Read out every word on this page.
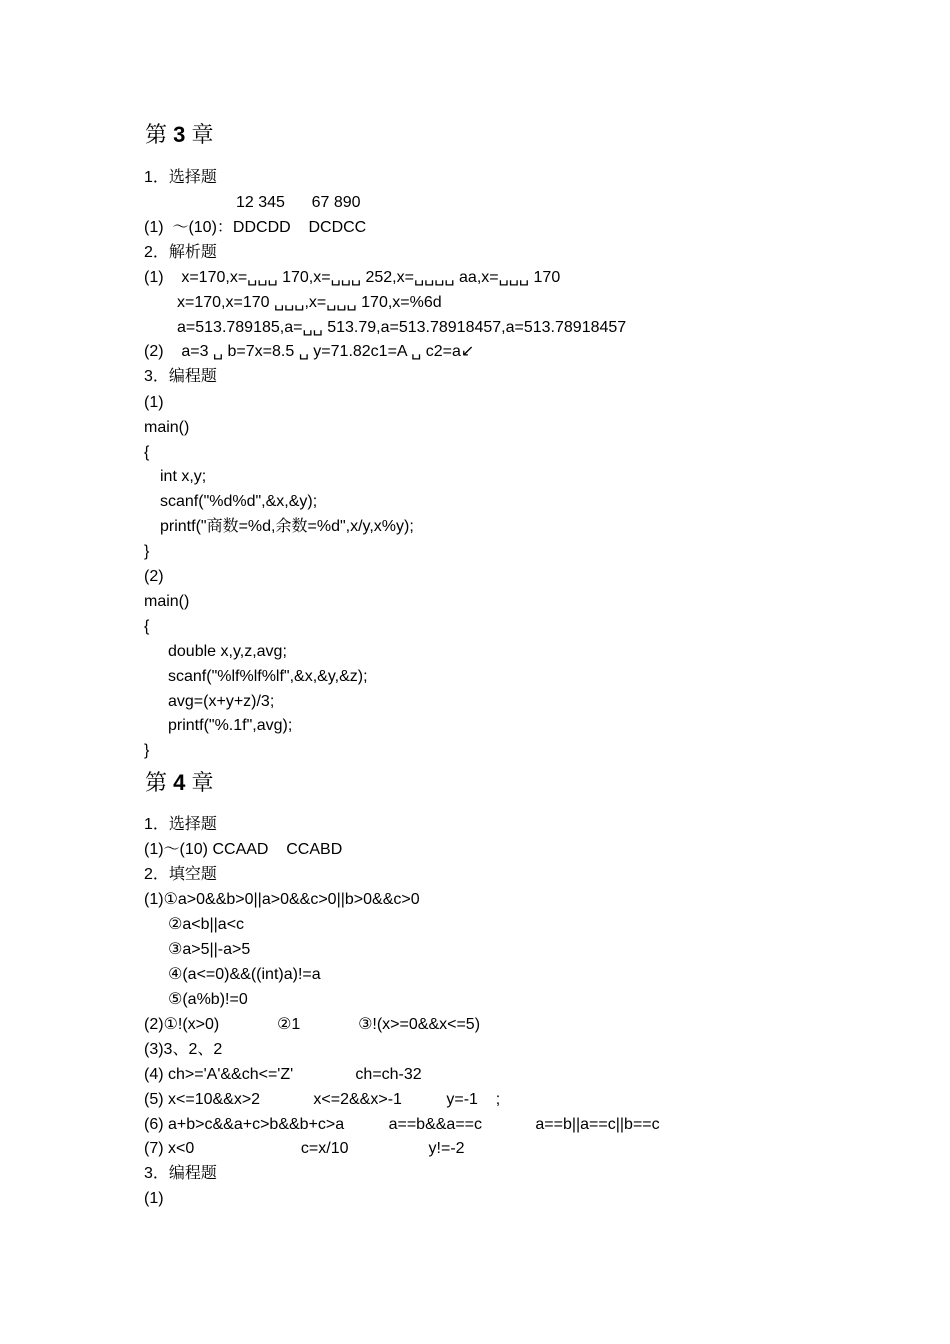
第 3 章
1．选择题
12 345      67 890
(1)  ～(10)：DDCDD    DCDCC
2．解析题
(1)    x=170,x=␣␣␣ 170,x=␣␣␣ 252,x=␣␣␣␣ aa,x=␣␣␣ 170
x=170,x=170 ␣␣␣,x=␣␣␣ 170,x=%6d
a=513.789185,a=␣␣ 513.79,a=513.78918457,a=513.78918457
(2)    a=3 ␣ b=7x=8.5 ␣ y=71.82c1=A ␣ c2=a↙
3．编程题
(1)
main()
{
int x,y;
scanf("%d%d",&x,&y);
printf("商数=%d,余数=%d",x/y,x%y);
}
(2)
main()
{
double x,y,z,avg;
scanf("%lf%lf%lf",&x,&y,&z);
avg=(x+y+z)/3;
printf("%.1f",avg);
}
第 4 章
1．选择题
(1)～(10) CCAAD    CCABD
2．填空题
(1)①a>0&&b>0||a>0&&c>0||b>0&&c>0
②a<b||a<c
③a>5||-a>5
④(a<=0)&&((int)a)!=a
⑤(a%b)!=0
(2)①!(x>0)             ②1             ③!(x>=0&&x<=5)
(3)3、2、2
(4) ch>='A'&&ch<='Z'              ch=ch-32
(5) x<=10&&x>2            x<=2&&x>-1          y=-1    ;
(6) a+b>c&&a+c>b&&b+c>a          a==b&&a==c            a==b||a==c||b==c
(7) x<0                        c=x/10                  y!=-2
3．编程题
(1)
